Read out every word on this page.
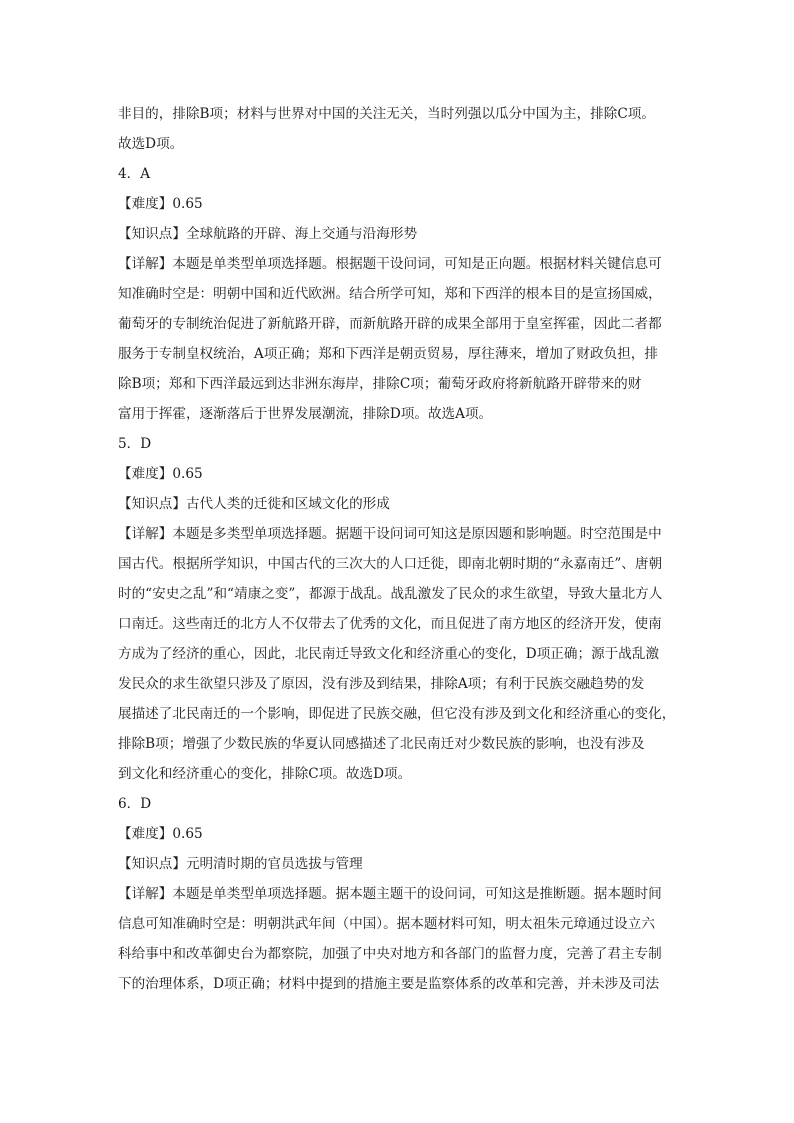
非目的，排除B项；材料与世界对中国的关注无关，当时列强以瓜分中国为主，排除C项。
故选D项。
4．A
【难度】0.65
【知识点】全球航路的开辟、海上交通与沿海形势
【详解】本题是单类型单项选择题。根据题干设问词，可知是正向题。根据材料关键信息可
知准确时空是：明朝中国和近代欧洲。结合所学可知，郑和下西洋的根本目的是宣扬国威，
葡萄牙的专制统治促进了新航路开辟，而新航路开辟的成果全部用于皇室挥霍，因此二者都
服务于专制皇权统治，A项正确；郑和下西洋是朝贡贸易，厚往薄来，增加了财政负担，排
除B项；郑和下西洋最远到达非洲东海岸，排除C项；葡萄牙政府将新航路开辟带来的财
富用于挥霍，逐渐落后于世界发展潮流，排除D项。故选A项。
5．D
【难度】0.65
【知识点】古代人类的迁徙和区域文化的形成
【详解】本题是多类型单项选择题。据题干设问词可知这是原因题和影响题。时空范围是中
国古代。根据所学知识，中国古代的三次大的人口迁徙，即南北朝时期的“永嘉南迁”、唐朝
时的“安史之乱”和“靖康之变”，都源于战乱。战乱激发了民众的求生欲望，导致大量北方人
口南迁。这些南迁的北方人不仅带去了优秀的文化，而且促进了南方地区的经济开发，使南
方成为了经济的重心，因此，北民南迁导致文化和经济重心的变化，D项正确；源于战乱激
发民众的求生欲望只涉及了原因，没有涉及到结果，排除A项；有利于民族交融趋势的发
展描述了北民南迁的一个影响，即促进了民族交融，但它没有涉及到文化和经济重心的变化，
排除B项；增强了少数民族的华夏认同感描述了北民南迁对少数民族的影响，也没有涉及
到文化和经济重心的变化，排除C项。故选D项。
6．D
【难度】0.65
【知识点】元明清时期的官员选拔与管理
【详解】本题是单类型单项选择题。据本题主题干的设问词，可知这是推断题。据本题时间
信息可知准确时空是：明朝洪武年间（中国）。据本题材料可知，明太祖朱元璋通过设立六
科给事中和改革御史台为都察院，加强了中央对地方和各部门的监督力度，完善了君主专制
下的治理体系，D项正确；材料中提到的措施主要是监察体系的改革和完善，并未涉及司法
